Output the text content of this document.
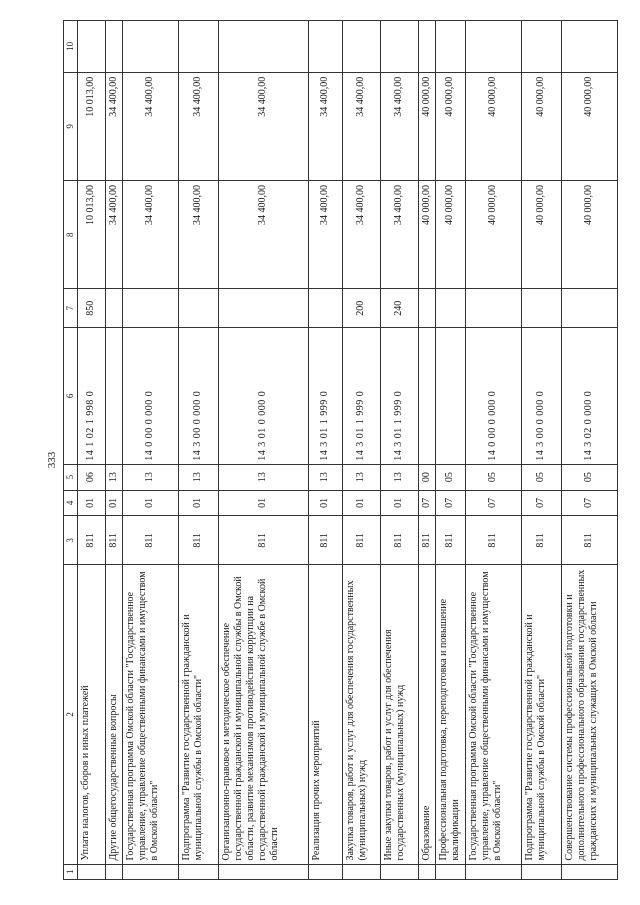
333
1	2	3	4	5	6	7	8	9	10
	Уплата налогов, сборов и иных платежей	811	01	06	14 1 02 1 998 0	850	10 013,00	10 013,00	
	Другие общегосударственные вопросы	811	01	13			34 400,00	34 400,00	
	Государственная программа Омской области "Государственное управление, управление общественными финансами и имуществом в Омской области"	811	01	13	14 0 00 0 000 0		34 400,00	34 400,00	
	Подпрограмма "Развитие государственной гражданской и муниципальной службы в Омской области"	811	01	13	14 3 00 0 000 0		34 400,00	34 400,00	
	Организационно-правовое и методическое обеспечение государственной гражданской и муниципальной службы в Омской области, развитие механизмов противодействия коррупции на государственной гражданской и муниципальной службе в Омской области	811	01	13	14 3 01 0 000 0		34 400,00	34 400,00	
	Реализация прочих мероприятий	811	01	13	14 3 01 1 999 0		34 400,00	34 400,00	
	Закупка товаров, работ и услуг для обеспечения государственных (муниципальных) нужд	811	01	13	14 3 01 1 999 0	200	34 400,00	34 400,00	
	Иные закупки товаров, работ и услуг для обеспечения государственных (муниципальных) нужд	811	01	13	14 3 01 1 999 0	240	34 400,00	34 400,00	
	Образование	811	07	00			40 000,00	40 000,00	
	Профессиональная подготовка, переподготовка и повышение квалификации	811	07	05			40 000,00	40 000,00	
	Государственная программа Омской области "Государственное управление, управление общественными финансами и имуществом в Омской области"	811	07	05	14 0 00 0 000 0		40 000,00	40 000,00	
	Подпрограмма "Развитие государственной гражданской и муниципальной службы в Омской области"	811	07	05	14 3 00 0 000 0		40 000,00	40 000,00	
	Совершенствование системы профессиональной подготовки и дополнительного профессионального образования государственных гражданских и муниципальных служащих в Омской области	811	07	05	14 3 02 0 000 0		40 000,00	40 000,00	
